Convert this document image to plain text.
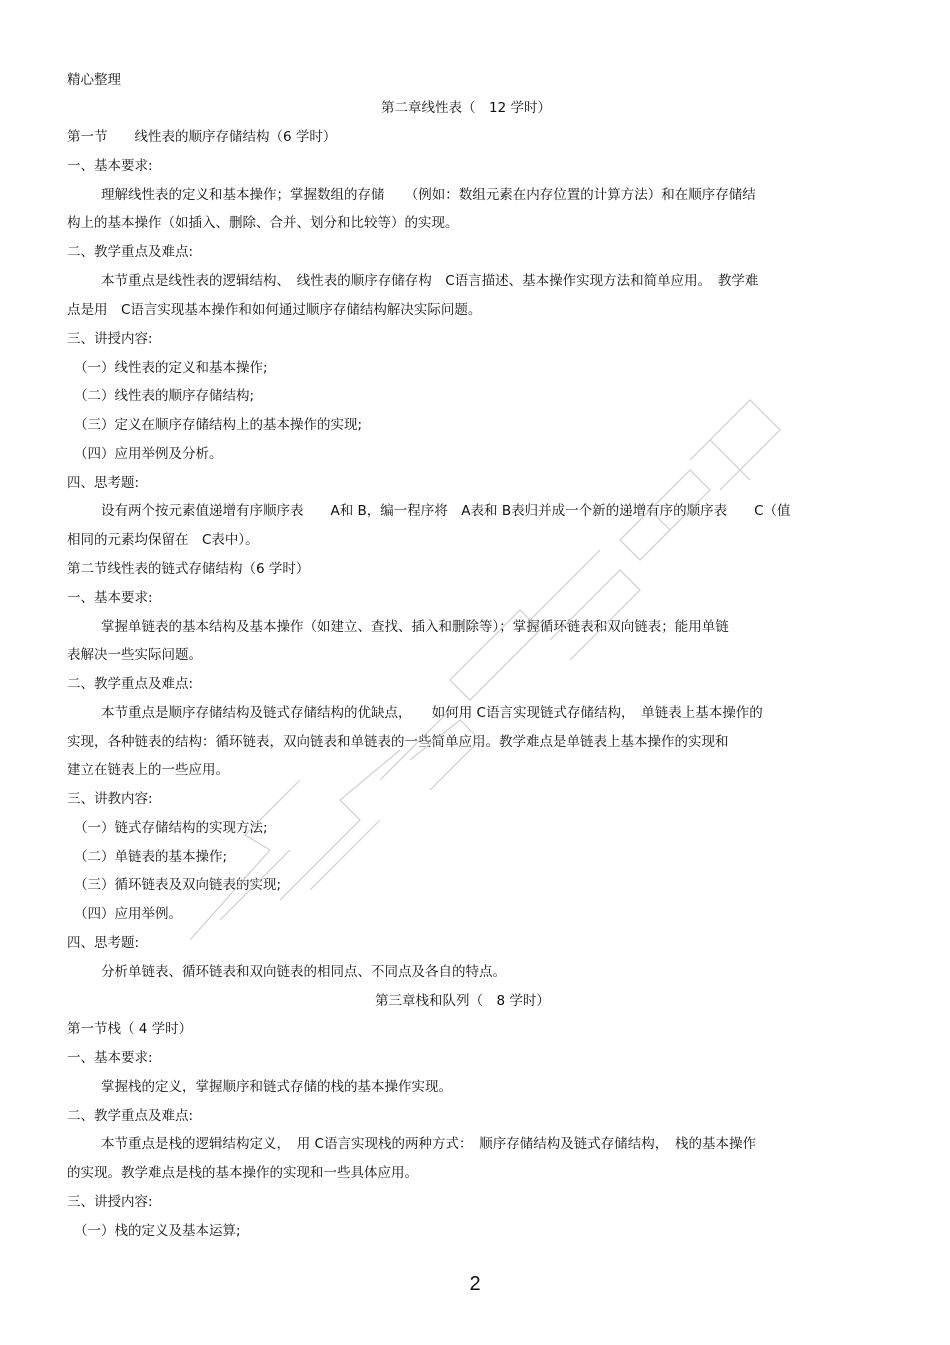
精心整理
第二章线性表（　12 学时）
第一节　　线性表的顺序存储结构（6 学时）
一、基本要求:
理解线性表的定义和基本操作；掌握数组的存储　　（例如：数组元素在内存位置的计算方法）和在顺序存储结
构上的基本操作（如插入、删除、合并、划分和比较等）的实现。
二、教学重点及难点:
本节重点是线性表的逻辑结构、　线性表的顺序存储存构　C语言描述、基本操作实现方法和简单应用。　教学难
点是用　C语言实现基本操作和如何通过顺序存储结构解决实际问题。
三、讲授内容:
（一）线性表的定义和基本操作;
（二）线性表的顺序存储结构;
（三）定义在顺序存储结构上的基本操作的实现;
（四）应用举例及分析。
四、思考题:
设有两个按元素值递增有序顺序表　　A和 B，编一程序将　A表和 B表归并成一个新的递增有序的顺序表　　C（值
相同的元素均保留在　C表中）。
第二节线性表的链式存储结构（6 学时）
一、基本要求:
掌握单链表的基本结构及基本操作（如建立、查找、插入和删除等）；掌握循环链表和双向链表；能用单链
表解决一些实际问题。
二、教学重点及难点:
本节重点是顺序存储结构及链式存储结构的优缺点，　　如何用 C语言实现链式存储结构，　单链表上基本操作的
实现，各种链表的结构：循环链表，双向链表和单链表的一些简单应用。教学难点是单链表上基本操作的实现和
建立在链表上的一些应用。
三、讲教内容:
（一）链式存储结构的实现方法;
（二）单链表的基本操作;
（三）循环链表及双向链表的实现;
（四）应用举例。
四、思考题:
分析单链表、循环链表和双向链表的相同点、不同点及各自的特点。
第三章栈和队列（　8 学时）
第一节栈（ 4 学时）
一、基本要求:
掌握栈的定义，掌握顺序和链式存储的栈的基本操作实现。
二、教学重点及难点:
本节重点是栈的逻辑结构定义，　用 C语言实现栈的两种方式：　顺序存储结构及链式存储结构，　栈的基本操作
的实现。教学难点是栈的基本操作的实现和一些具体应用。
三、讲授内容:
（一）栈的定义及基本运算;
2
